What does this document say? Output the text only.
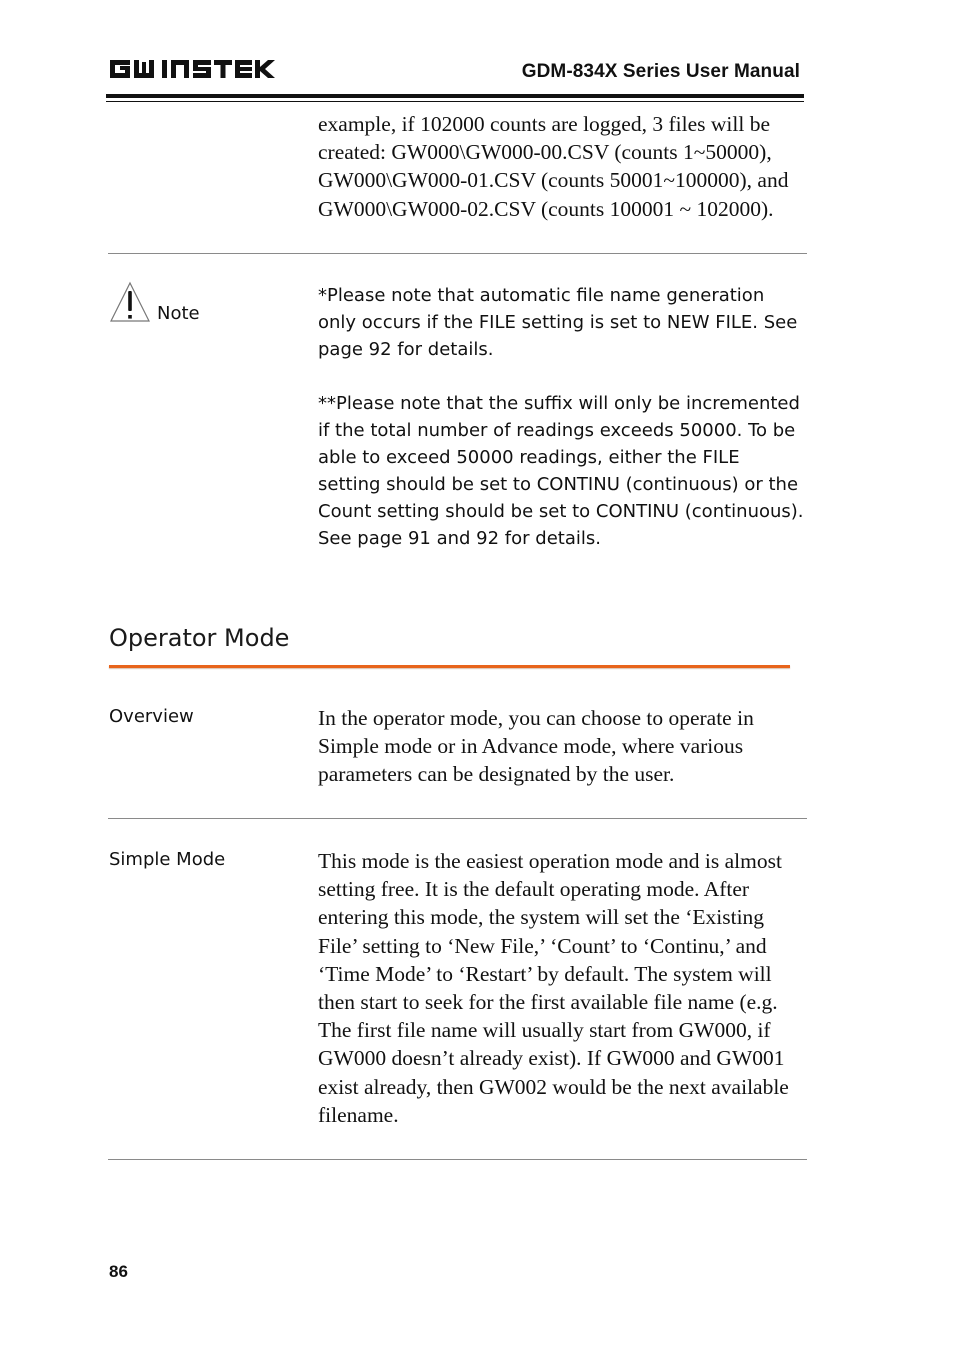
GDM-834X Series User Manual

example, if 102000 counts are logged, 3 files will be created: GW000\GW000-00.CSV (counts 1~50000), GW000\GW000-01.CSV (counts 50001~100000), and GW000\GW000-02.CSV (counts 100001 ~ 102000).

Note

*Please note that automatic file name generation only occurs if the FILE setting is set to NEW FILE. See page 92 for details.

**Please note that the suffix will only be incremented if the total number of readings exceeds 50000. To be able to exceed 50000 readings, either the FILE setting should be set to CONTINU (continuous) or the Count setting should be set to CONTINU (continuous). See page 91 and 92 for details.

Operator Mode
Overview	In the operator mode, you can choose to operate in Simple mode or in Advance mode, where various parameters can be designated by the user.

Simple Mode	This mode is the easiest operation mode and is almost setting free. It is the default operating mode. After entering this mode, the system will set the ‘Existing File’ setting to ‘New File,’ ‘Count’ to ‘Continu,’ and ‘Time Mode’ to ‘Restart’ by default. The system will then start to seek for the first available file name (e.g. The first file name will usually start from GW000, if GW000 doesn’t already exist). If GW000 and GW001 exist already, then GW002 would be the next available filename.

86
